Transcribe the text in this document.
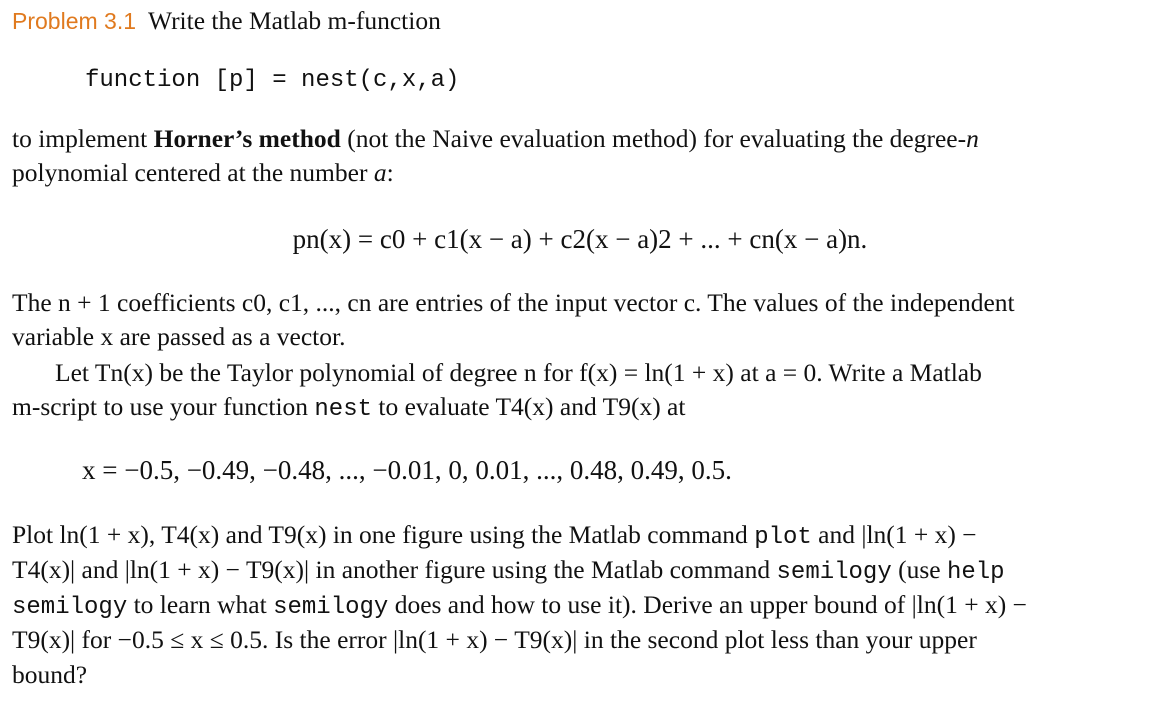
Problem 3.1 Write the Matlab m-function
function [p] = nest(c,x,a)
to implement Horner’s method (not the Naive evaluation method) for evaluating the degree-n
polynomial centered at the number a:
pn(x) = c0 + c1(x − a) + c2(x − a)2 + ... + cn(x − a)n.
The n + 1 coefficients c0, c1, ..., cn are entries of the input vector c. The values of the independent
variable x are passed as a vector.
Let Tn(x) be the Taylor polynomial of degree n for f(x) = ln(1 + x) at a = 0. Write a Matlab
m-script to use your function nest to evaluate T4(x) and T9(x) at
x = −0.5, −0.49, −0.48, ..., −0.01, 0, 0.01, ..., 0.48, 0.49, 0.5.
Plot ln(1 + x), T4(x) and T9(x) in one figure using the Matlab command plot and |ln(1 + x) −
T4(x)| and |ln(1 + x) − T9(x)| in another figure using the Matlab command semilogy (use help
semilogy to learn what semilogy does and how to use it). Derive an upper bound of |ln(1 + x) −
T9(x)| for −0.5 ≤ x ≤ 0.5. Is the error |ln(1 + x) − T9(x)| in the second plot less than your upper
bound?
